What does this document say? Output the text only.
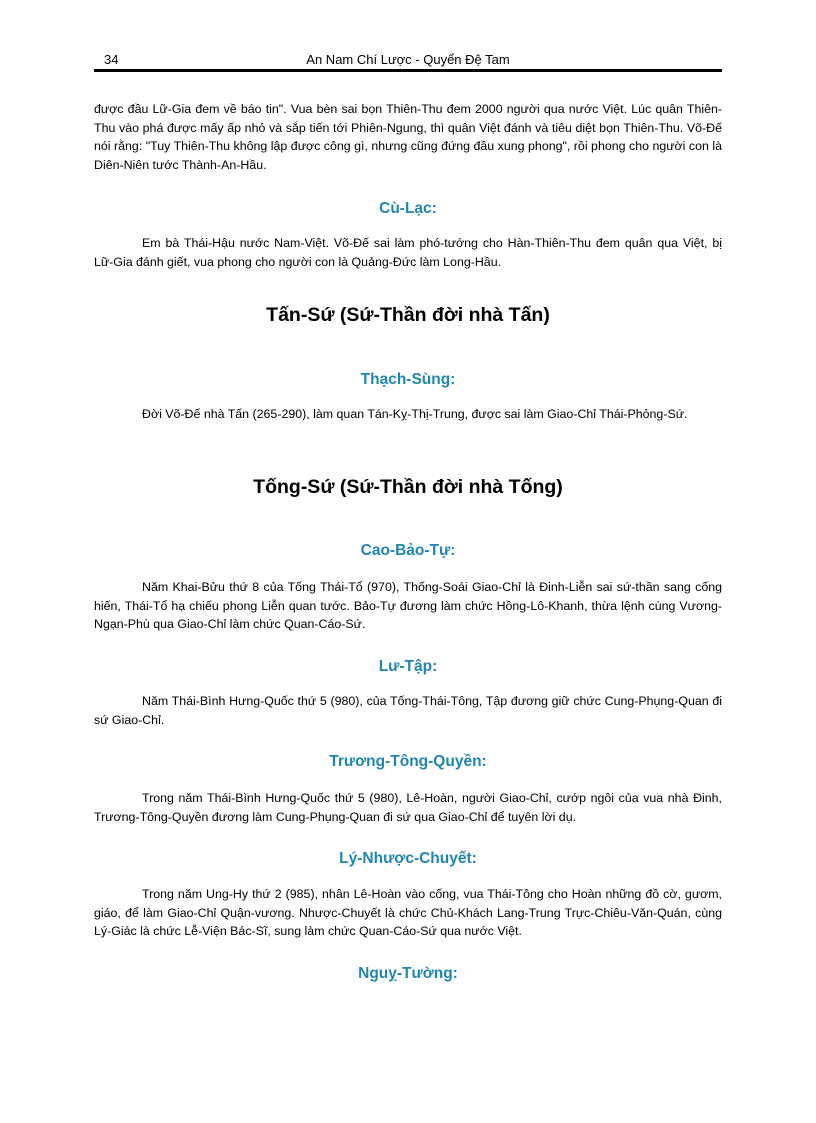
34	An Nam Chí Lược - Quyển Đệ Tam

được đầu Lữ-Gia đem về báo tin". Vua bèn sai bọn Thiên-Thu đem 2000 người qua nước Việt. Lúc quân Thiên-Thu vào phá được mấy ấp nhỏ và sắp tiến tới Phiên-Ngung, thì quân Việt đánh và tiêu diệt bọn Thiên-Thu. Võ-Đế nói rằng: "Tuy Thiên-Thu không lập được công gì, nhưng cũng đứng đầu xung phong", rồi phong cho người con là Diên-Niên tước Thành-An-Hầu.

Cù-Lạc:

Em bà Thái-Hậu nước Nam-Việt. Võ-Đế sai làm phó-tướng cho Hàn-Thiên-Thu đem quân qua Việt, bị Lữ-Gia đánh giết, vua phong cho người con là Quảng-Đức làm Long-Hầu.

Tấn-Sứ (Sứ-Thần đời nhà Tấn)
Thạch-Sùng:

Đời Võ-Đế nhà Tấn (265-290), làm quan Tán-Kỵ-Thị-Trung, được sai làm Giao-Chỉ Thái-Phỏng-Sứ.

Tống-Sứ (Sứ-Thần đời nhà Tống)
Cao-Bảo-Tự:

Năm Khai-Bửu thứ 8 của Tống Thái-Tổ (970), Thống-Soái Giao-Chỉ là Đinh-Liễn sai sứ-thần sang cống hiến, Thái-Tổ hạ chiếu phong Liễn quan tước. Bảo-Tự đương làm chức Hồng-Lô-Khanh, thừa lệnh cùng Vương-Ngạn-Phù qua Giao-Chỉ làm chức Quan-Cáo-Sứ.

Lư-Tập:

Năm Thái-Bình Hưng-Quốc thứ 5 (980), của Tống-Thái-Tông, Tập đương giữ chức Cung-Phụng-Quan đi sứ Giao-Chỉ.

Trương-Tông-Quyền:

Trong năm Thái-Bình Hưng-Quốc thứ 5 (980), Lê-Hoàn, người Giao-Chỉ, cướp ngôi của vua nhà Đinh, Trương-Tông-Quyền đương làm Cung-Phụng-Quan đi sứ qua Giao-Chỉ để tuyên lời dụ.

Lý-Nhược-Chuyết:

Trong năm Ung-Hy thứ 2 (985), nhân Lê-Hoàn vào cống, vua Thái-Tông cho Hoàn những đồ cờ, gươm, giáo, để làm Giao-Chỉ Quận-vương. Nhược-Chuyết là chức Chủ-Khách Lang-Trung Trực-Chiêu-Văn-Quán, cùng Lý-Giác là chức Lễ-Viện Bác-Sĩ, sung làm chức Quan-Cáo-Sứ qua nước Việt.

Nguỵ-Tường:
